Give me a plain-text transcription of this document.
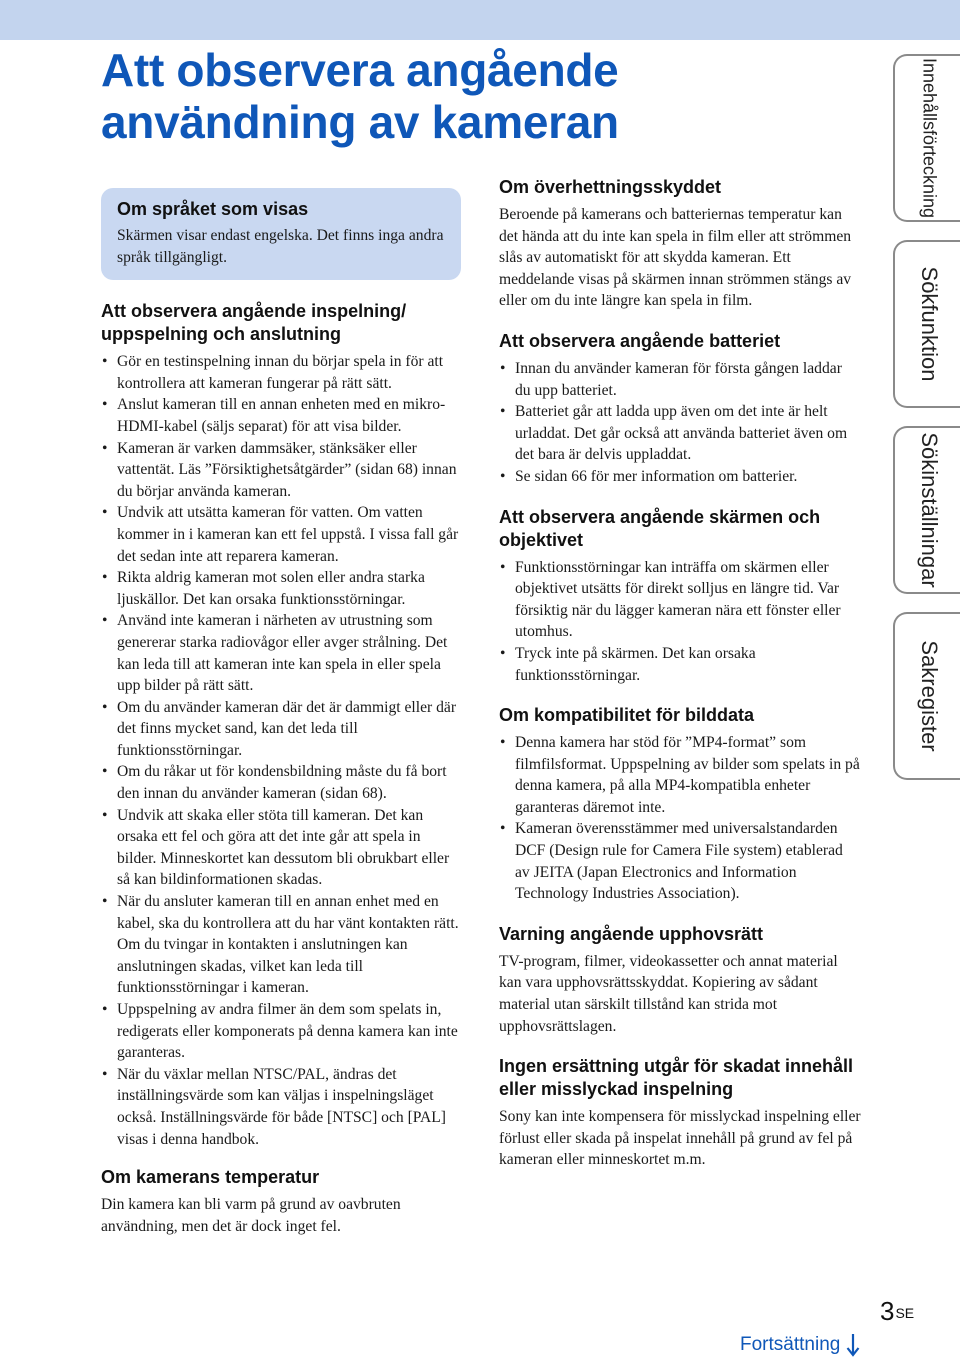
Att observera angående användning av kameran
Om språket som visas

Skärmen visar endast engelska. Det finns inga andra språk tillgängligt.

Att observera angående inspelning/ uppspelning och anslutning
• Gör en testinspelning innan du börjar spela in för att kontrollera att kameran fungerar på rätt sätt.
• Anslut kameran till en annan enheten med en mikro-HDMI-kabel (säljs separat) för att visa bilder.
• Kameran är varken dammsäker, stänksäker eller vattentät. Läs ”Försiktighetsåtgärder” (sidan 68) innan du börjar använda kameran.
• Undvik att utsätta kameran för vatten. Om vatten kommer in i kameran kan ett fel uppstå. I vissa fall går det sedan inte att reparera kameran.
• Rikta aldrig kameran mot solen eller andra starka ljuskällor. Det kan orsaka funktionsstörningar.
• Använd inte kameran i närheten av utrustning som genererar starka radiovågor eller avger strålning. Det kan leda till att kameran inte kan spela in eller spela upp bilder på rätt sätt.
• Om du använder kameran där det är dammigt eller där det finns mycket sand, kan det leda till funktionsstörningar.
• Om du råkar ut för kondensbildning måste du få bort den innan du använder kameran (sidan 68).
• Undvik att skaka eller stöta till kameran. Det kan orsaka ett fel och göra att det inte går att spela in bilder. Minneskortet kan dessutom bli obrukbart eller så kan bildinformationen skadas.
• När du ansluter kameran till en annan enhet med en kabel, ska du kontrollera att du har vänt kontakten rätt. Om du tvingar in kontakten i anslutningen kan anslutningen skadas, vilket kan leda till funktionsstörningar i kameran.
• Uppspelning av andra filmer än dem som spelats in, redigerats eller komponerats på denna kamera kan inte garanteras.
• När du växlar mellan NTSC/PAL, ändras det inställningsvärde som kan väljas i inspelningsläget också. Inställningsvärde för både [NTSC] och [PAL] visas i denna handbok.
Om kamerans temperatur

Din kamera kan bli varm på grund av oavbruten användning, men det är dock inget fel.

Om överhettningsskyddet

Beroende på kamerans och batteriernas temperatur kan det hända att du inte kan spela in film eller att strömmen slås av automatiskt för att skydda kameran. Ett meddelande visas på skärmen innan strömmen stängs av eller om du inte längre kan spela in film.

Att observera angående batteriet
• Innan du använder kameran för första gången laddar du upp batteriet.
• Batteriet går att ladda upp även om det inte är helt urladdat. Det går också att använda batteriet även om det bara är delvis uppladdat.
• Se sidan 66 för mer information om batterier.
Att observera angående skärmen och objektivet
• Funktionsstörningar kan inträffa om skärmen eller objektivet utsätts för direkt solljus en längre tid. Var försiktig när du lägger kameran nära ett fönster eller utomhus.
• Tryck inte på skärmen. Det kan orsaka funktionsstörningar.
Om kompatibilitet för bilddata
• Denna kamera har stöd för ”MP4-format” som filmfilsformat. Uppspelning av bilder som spelats in på denna kamera, på alla MP4-kompatibla enheter garanteras däremot inte.
• Kameran överensstämmer med universalstandarden DCF (Design rule for Camera File system) etablerad av JEITA (Japan Electronics and Information Technology Industries Association).
Varning angående upphovsrätt

TV-program, filmer, videokassetter och annat material kan vara upphovsrättsskyddat. Kopiering av sådant material utan särskilt tillstånd kan strida mot upphovsrättslagen.

Ingen ersättning utgår för skadat innehåll eller misslyckad inspelning

Sony kan inte kompensera för misslyckad inspelning eller förlust eller skada på inspelat innehåll på grund av fel på kameran eller minneskortet m.m.

Innehållsförteckning
Sökfunktion
Sökinställningar
Sakregister
$3^{SE}$
Fortsättning
